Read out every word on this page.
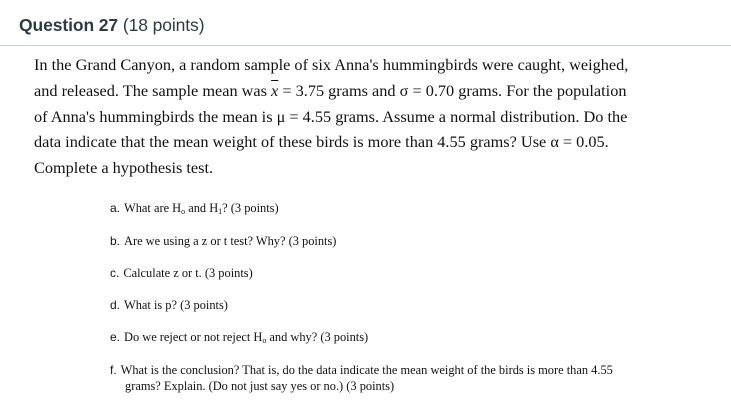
Question 27 (18 points)
In the Grand Canyon, a random sample of six Anna's hummingbirds were caught, weighed,
and released. The sample mean was $\overline{x} = 3.75$ grams and σ = 0.70 grams. For the population
of Anna's hummingbirds the mean is μ = 4.55 grams. Assume a normal distribution. Do the
data indicate that the mean weight of these birds is more than 4.55 grams? Use α = 0.05.
Complete a hypothesis test.
a. What are $H_o$ and $H_1$? (3 points)
b. Are we using a z or t test? Why? (3 points)
c. Calculate z or t. (3 points)
d. What is p? (3 points)
e. Do we reject or not reject $H_o$ and why? (3 points)
f. What is the conclusion? That is, do the data indicate the mean weight of the birds is more than 4.55
grams? Explain. (Do not just say yes or no.) (3 points)
